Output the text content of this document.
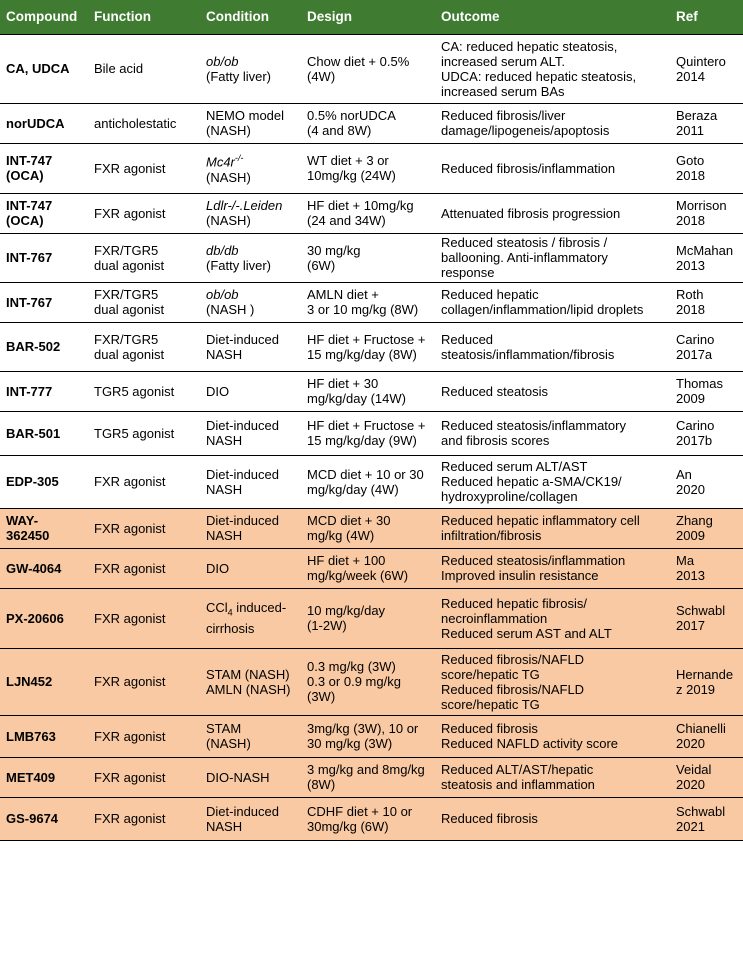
Compound	Function	Condition	Design	Outcome	Ref

CA, UDCA	Bile acid	ob/ob
(Fatty liver)	Chow diet + 0.5%
(4W)	CA: reduced hepatic steatosis,
increased serum ALT.
UDCA: reduced hepatic steatosis,
increased serum BAs	Quintero
2014

norUDCA	anticholestatic	NEMO model
(NASH)	0.5% norUDCA
(4 and 8W)	Reduced fibrosis/liver
damage/lipogeneis/apoptosis	Beraza
2011

INT-747
(OCA)	FXR agonist	Mc4r-/-
(NASH)	WT diet + 3 or
10mg/kg (24W)	Reduced fibrosis/inflammation	Goto
2018

INT-747
(OCA)	FXR agonist	Ldlr-/-.Leiden
(NASH)	HF diet + 10mg/kg
(24 and 34W)	Attenuated fibrosis progression	Morrison
2018

INT-767	FXR/TGR5
dual agonist	db/db
(Fatty liver)	30 mg/kg
(6W)	Reduced steatosis / fibrosis /
ballooning. Anti-inflammatory
response	McMahan
2013

INT-767	FXR/TGR5
dual agonist	ob/ob
(NASH )	AMLN diet +
3 or 10 mg/kg (8W)	Reduced hepatic
collagen/inflammation/lipid droplets	Roth
2018

BAR-502	FXR/TGR5
dual agonist	Diet-induced
NASH	HF diet + Fructose +
15 mg/kg/day (8W)	Reduced
steatosis/inflammation/fibrosis	Carino
2017a

INT-777	TGR5 agonist	DIO	HF diet + 30
mg/kg/day (14W)	Reduced steatosis	Thomas
2009

BAR-501	TGR5 agonist	Diet-induced
NASH	HF diet + Fructose +
15 mg/kg/day (9W)	Reduced steatosis/inflammatory
and fibrosis scores	Carino
2017b

EDP-305	FXR agonist	Diet-induced
NASH	MCD diet + 10 or 30
mg/kg/day (4W)	Reduced serum ALT/AST
Reduced hepatic a-SMA/CK19/
hydroxyproline/collagen	An
2020

WAY-
362450	FXR agonist	Diet-induced
NASH	MCD diet + 30
mg/kg (4W)	Reduced hepatic inflammatory cell
infiltration/fibrosis	Zhang
2009

GW-4064	FXR agonist	DIO	HF diet + 100
mg/kg/week (6W)	Reduced steatosis/inflammation
Improved insulin resistance	Ma
2013

PX-20606	FXR agonist	CCl$_4$ induced-
cirrhosis	10 mg/kg/day
(1-2W)	Reduced hepatic fibrosis/
necroinflammation
Reduced serum AST and ALT	Schwabl
2017

LJN452	FXR agonist	STAM (NASH)
AMLN (NASH)	0.3 mg/kg (3W)
0.3 or 0.9 mg/kg
(3W)	Reduced fibrosis/NAFLD
score/hepatic TG
Reduced fibrosis/NAFLD
score/hepatic TG	Hernande
z 2019

LMB763	FXR agonist	STAM
(NASH)	3mg/kg (3W), 10 or
30 mg/kg (3W)	Reduced fibrosis
Reduced NAFLD activity score	Chianelli
2020

MET409	FXR agonist	DIO-NASH	3 mg/kg and 8mg/kg
(8W)	Reduced ALT/AST/hepatic
steatosis and inflammation	Veidal
2020

GS-9674	FXR agonist	Diet-induced
NASH	CDHF diet + 10 or
30mg/kg (6W)	Reduced fibrosis	Schwabl
2021
